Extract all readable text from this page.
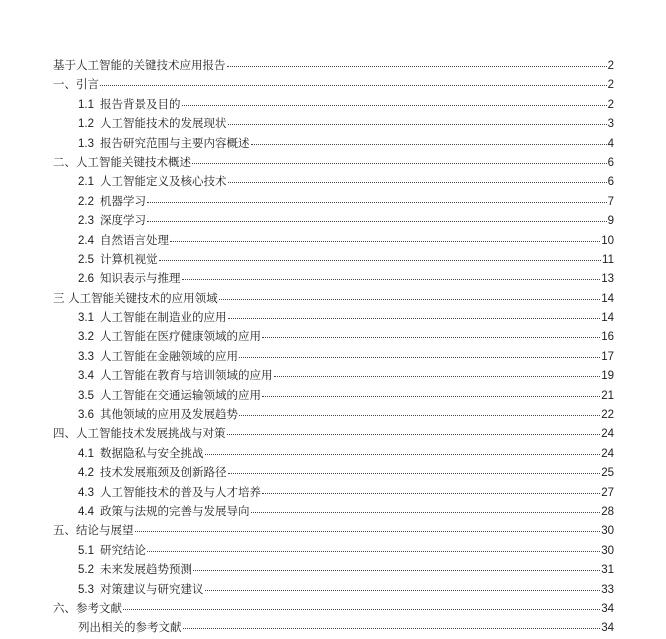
基于人工智能的关键技术应用报告	2
一、引言	2
1.1 报告背景及目的	2
1.2 人工智能技术的发展现状	3
1.3 报告研究范围与主要内容概述	4
二、人工智能关键技术概述	6
2.1 人工智能定义及核心技术	6
2.2 机器学习	7
2.3 深度学习	9
2.4 自然语言处理	10
2.5 计算机视觉	11
2.6 知识表示与推理	13
三 人工智能关键技术的应用领域	14
3.1 人工智能在制造业的应用	14
3.2 人工智能在医疗健康领域的应用	16
3.3 人工智能在金融领域的应用	17
3.4 人工智能在教育与培训领域的应用	19
3.5 人工智能在交通运输领域的应用	21
3.6 其他领域的应用及发展趋势	22
四、人工智能技术发展挑战与对策	24
4.1 数据隐私与安全挑战	24
4.2 技术发展瓶颈及创新路径	25
4.3 人工智能技术的普及与人才培养	27
4.4 政策与法规的完善与发展导向	28
五、结论与展望	30
5.1 研究结论	30
5.2 未来发展趋势预测	31
5.3 对策建议与研究建议	33
六、参考文献	34
列出相关的参考文献	34
